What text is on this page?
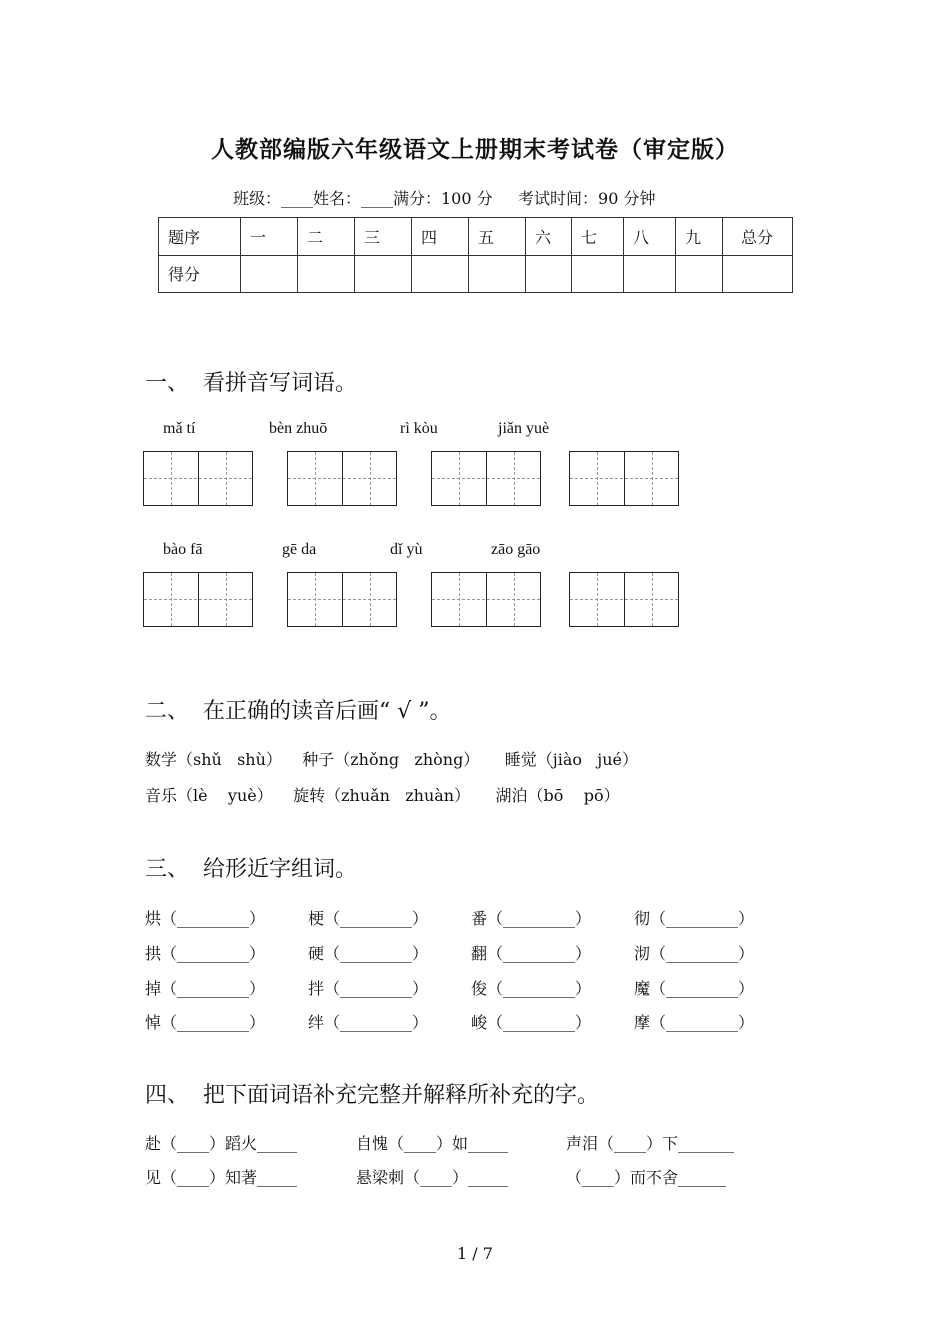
人教部编版六年级语文上册期末考试卷（审定版）
班级：____姓名：____满分：100 分     考试时间：90 分钟
题序	一	二	三	四	五	六	七	八	九	总分
得分										
一、  看拼音写词语。
mǎ tí	bèn zhuō	rì kòu	jiǎn yuè
bào fā	gē da	dǐ yù	zāo gāo
二、  在正确的读音后画“ √ ”。
数学（shǔ   shù）    种子（zhǒng   zhòng）     睡觉（jiào   jué）
音乐（lè    yuè）    旋转（zhuǎn   zhuàn）     湖泊（bō    pō）
三、  给形近字组词。
烘（_________）	梗（_________）	番（_________）	彻（_________）
拱（_________）	硬（_________）	翻（_________）	沏（_________）
掉（_________）	拌（_________）	俊（_________）	魔（_________）
悼（_________）	绊（_________）	峻（_________）	摩（_________）
四、  把下面词语补充完整并解释所补充的字。
赴（____）蹈火_____	自愧（____）如_____	声泪（____）下_______
见（____）知著_____	悬梁刺（____）_____	（____）而不舍______
1 / 7
